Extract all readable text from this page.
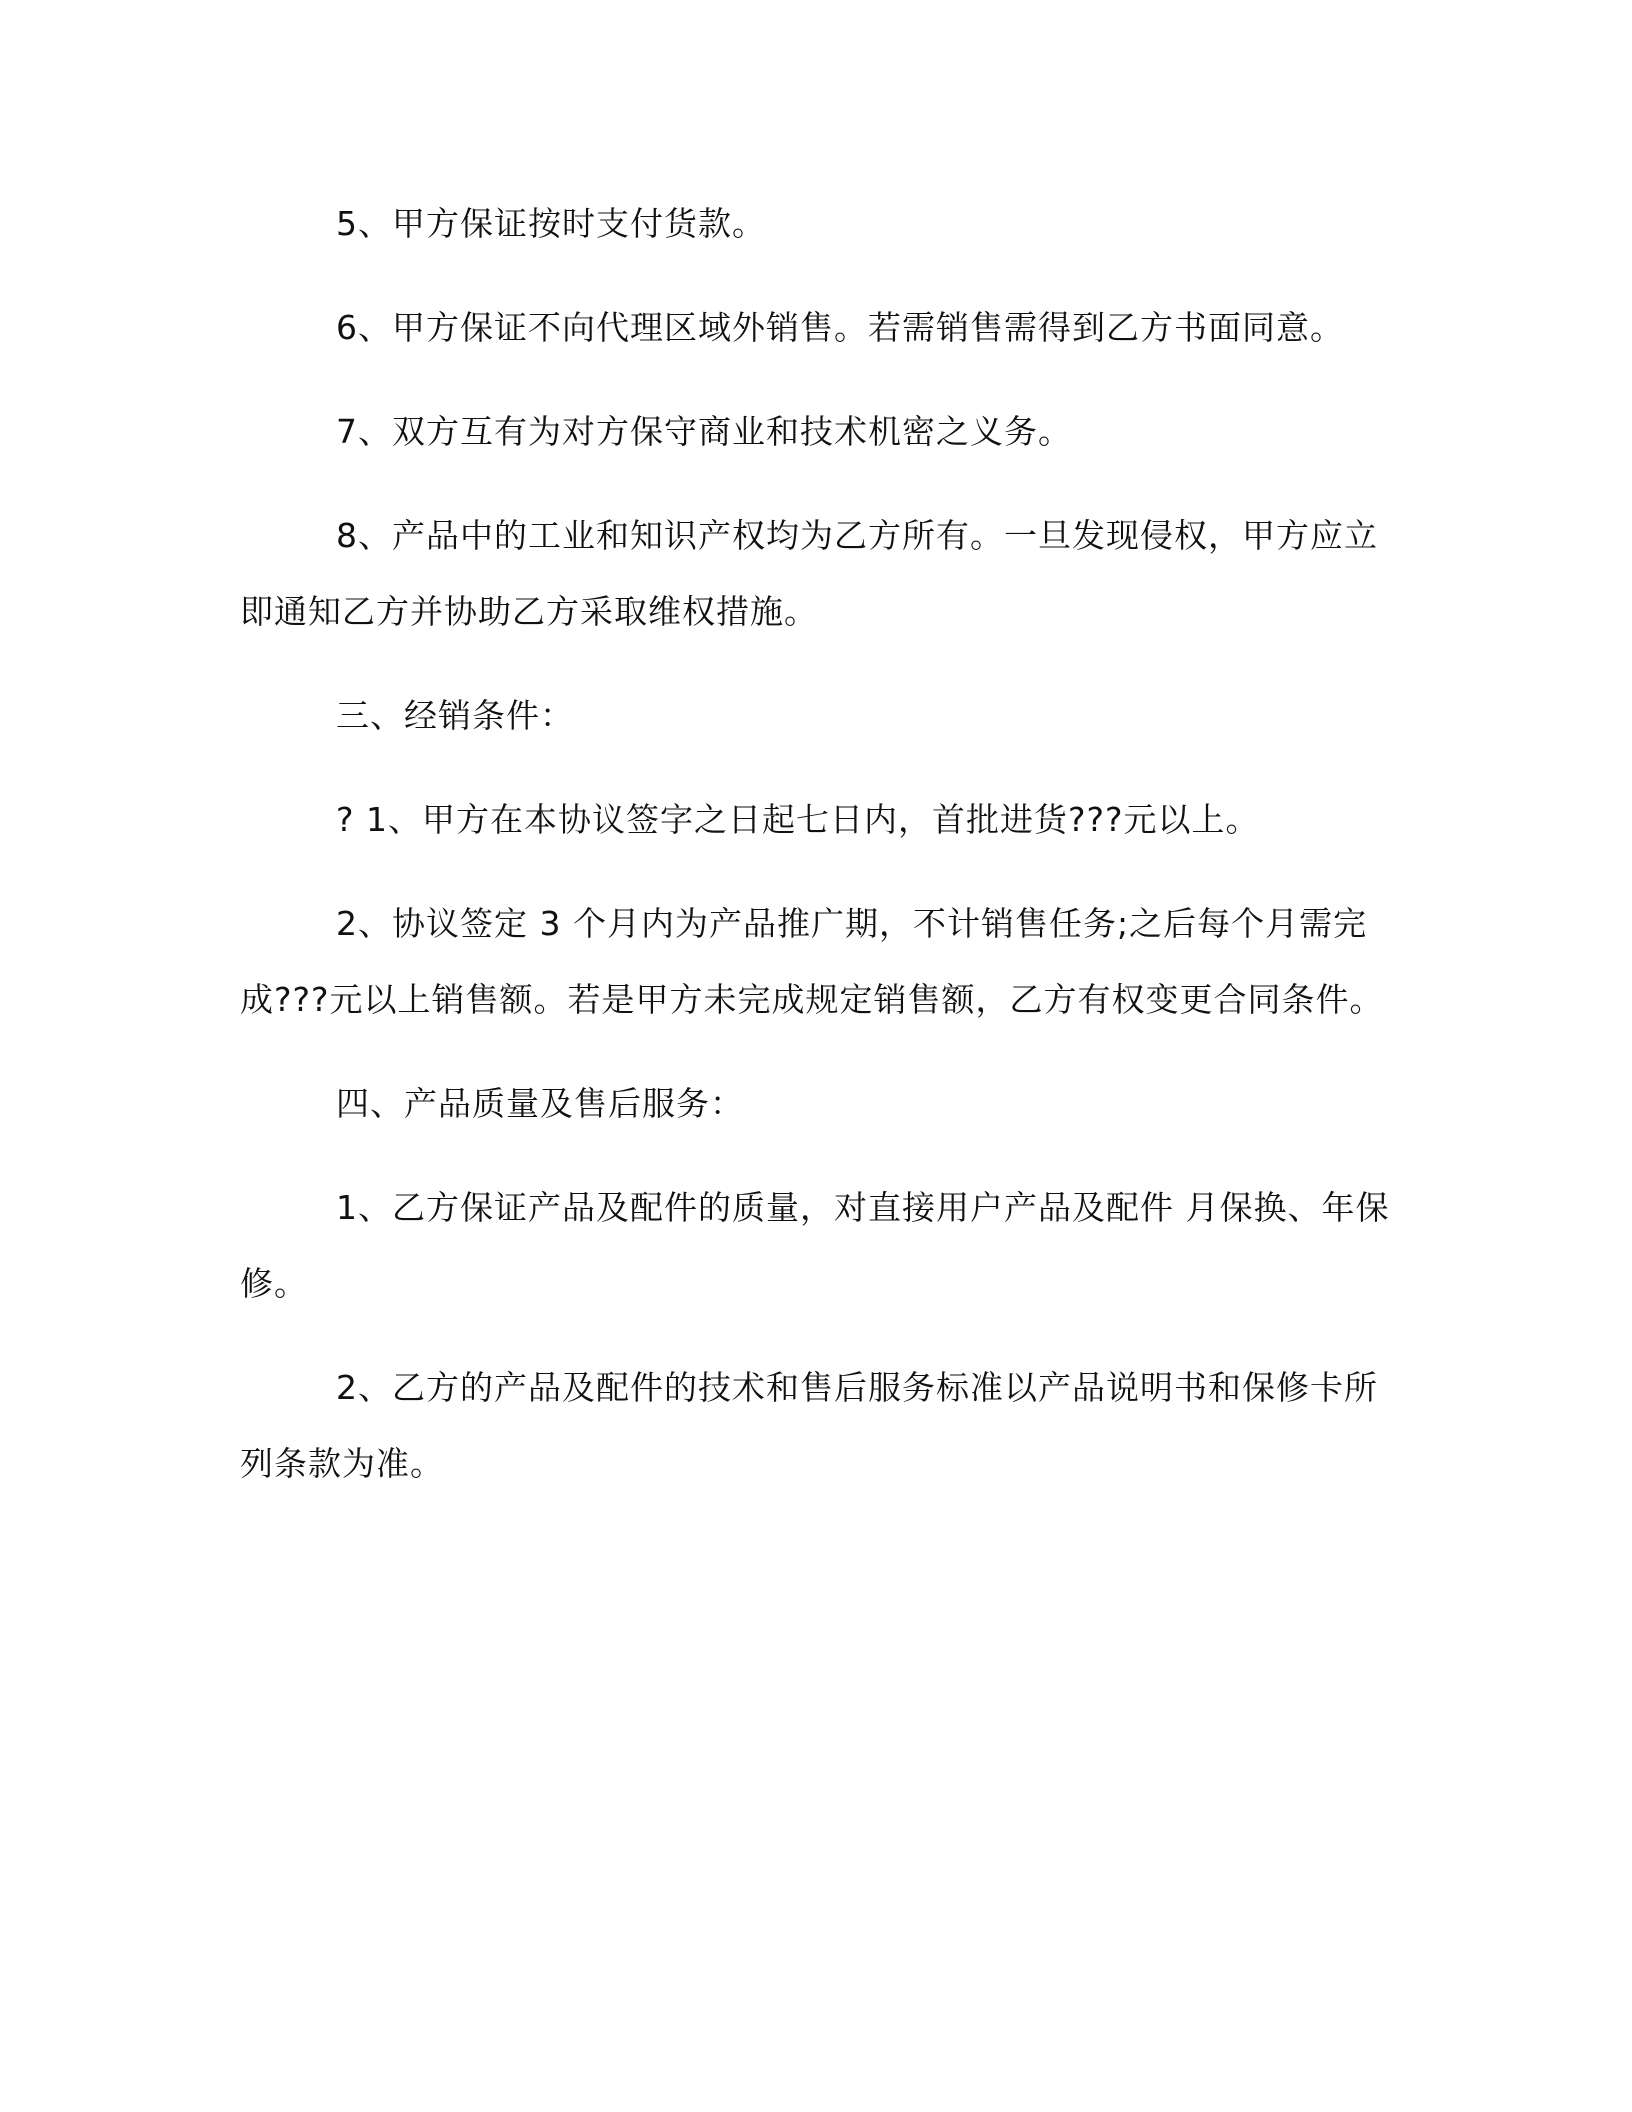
5、甲方保证按时支付货款。

6、甲方保证不向代理区域外销售。若需销售需得到乙方书面同意。

7、双方互有为对方保守商业和技术机密之义务。

8、产品中的工业和知识产权均为乙方所有。一旦发现侵权，甲方应立即通知乙方并协助乙方采取维权措施。

三、经销条件：

? 1、甲方在本协议签字之日起七日内，首批进货???元以上。

2、协议签定 3 个月内为产品推广期，不计销售任务;之后每个月需完成???元以上销售额。若是甲方未完成规定销售额，乙方有权变更合同条件。

四、产品质量及售后服务：

1、乙方保证产品及配件的质量，对直接用户产品及配件 月保换、年保修。

2、乙方的产品及配件的技术和售后服务标准以产品说明书和保修卡所列条款为准。
